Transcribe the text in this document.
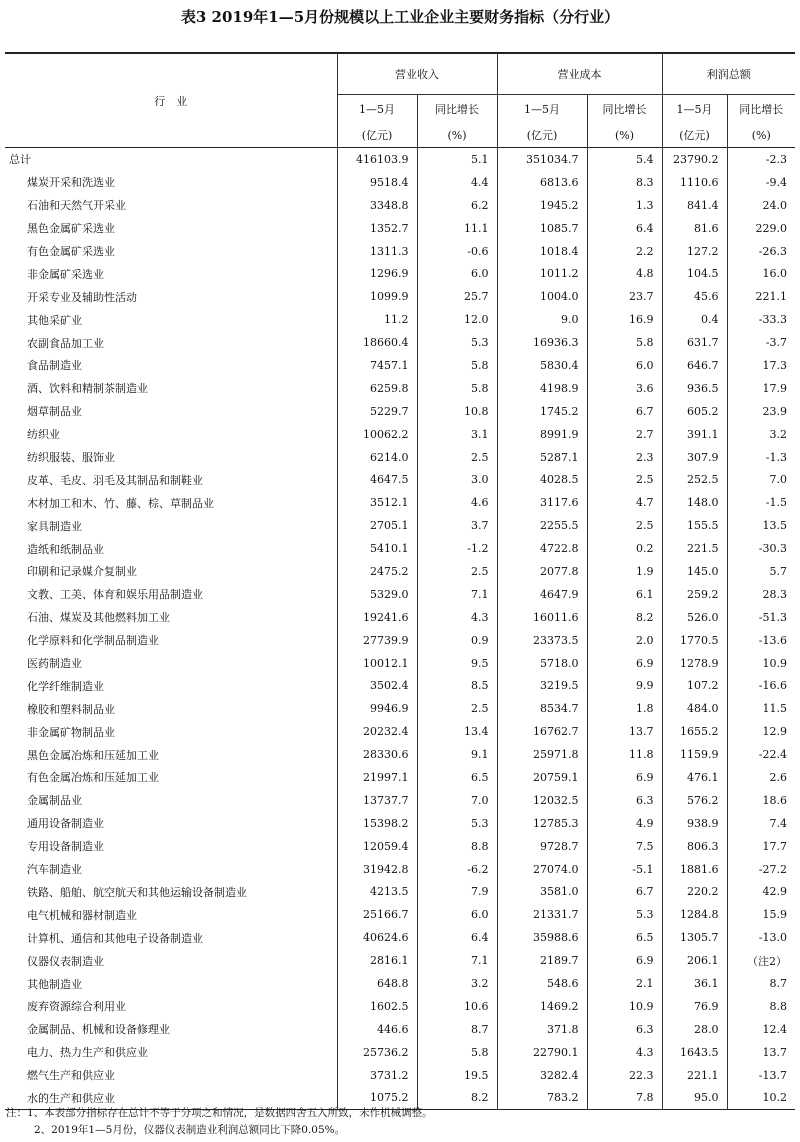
表3 2019年1—5月份规模以上工业企业主要财务指标（分行业）
行　业	营业收入		营业成本		利润总额	
	1—5月	同比增长	1—5月	同比增长	1—5月	同比增长
	(亿元)	(%)	(亿元)	(%)	(亿元)	(%)
总计	416103.9	5.1	351034.7	5.4	23790.2	-2.3
煤炭开采和洗选业	9518.4	4.4	6813.6	8.3	1110.6	-9.4
石油和天然气开采业	3348.8	6.2	1945.2	1.3	841.4	24.0
黑色金属矿采选业	1352.7	11.1	1085.7	6.4	81.6	229.0
有色金属矿采选业	1311.3	-0.6	1018.4	2.2	127.2	-26.3
非金属矿采选业	1296.9	6.0	1011.2	4.8	104.5	16.0
开采专业及辅助性活动	1099.9	25.7	1004.0	23.7	45.6	221.1
其他采矿业	11.2	12.0	9.0	16.9	0.4	-33.3
农副食品加工业	18660.4	5.3	16936.3	5.8	631.7	-3.7
食品制造业	7457.1	5.8	5830.4	6.0	646.7	17.3
酒、饮料和精制茶制造业	6259.8	5.8	4198.9	3.6	936.5	17.9
烟草制品业	5229.7	10.8	1745.2	6.7	605.2	23.9
纺织业	10062.2	3.1	8991.9	2.7	391.1	3.2
纺织服装、服饰业	6214.0	2.5	5287.1	2.3	307.9	-1.3
皮革、毛皮、羽毛及其制品和制鞋业	4647.5	3.0	4028.5	2.5	252.5	7.0
木材加工和木、竹、藤、棕、草制品业	3512.1	4.6	3117.6	4.7	148.0	-1.5
家具制造业	2705.1	3.7	2255.5	2.5	155.5	13.5
造纸和纸制品业	5410.1	-1.2	4722.8	0.2	221.5	-30.3
印刷和记录媒介复制业	2475.2	2.5	2077.8	1.9	145.0	5.7
文教、工美、体育和娱乐用品制造业	5329.0	7.1	4647.9	6.1	259.2	28.3
石油、煤炭及其他燃料加工业	19241.6	4.3	16011.6	8.2	526.0	-51.3
化学原料和化学制品制造业	27739.9	0.9	23373.5	2.0	1770.5	-13.6
医药制造业	10012.1	9.5	5718.0	6.9	1278.9	10.9
化学纤维制造业	3502.4	8.5	3219.5	9.9	107.2	-16.6
橡胶和塑料制品业	9946.9	2.5	8534.7	1.8	484.0	11.5
非金属矿物制品业	20232.4	13.4	16762.7	13.7	1655.2	12.9
黑色金属冶炼和压延加工业	28330.6	9.1	25971.8	11.8	1159.9	-22.4
有色金属冶炼和压延加工业	21997.1	6.5	20759.1	6.9	476.1	2.6
金属制品业	13737.7	7.0	12032.5	6.3	576.2	18.6
通用设备制造业	15398.2	5.3	12785.3	4.9	938.9	7.4
专用设备制造业	12059.4	8.8	9728.7	7.5	806.3	17.7
汽车制造业	31942.8	-6.2	27074.0	-5.1	1881.6	-27.2
铁路、船舶、航空航天和其他运输设备制造业	4213.5	7.9	3581.0	6.7	220.2	42.9
电气机械和器材制造业	25166.7	6.0	21331.7	5.3	1284.8	15.9
计算机、通信和其他电子设备制造业	40624.6	6.4	35988.6	6.5	1305.7	-13.0
仪器仪表制造业	2816.1	7.1	2189.7	6.9	206.1	（注2）
其他制造业	648.8	3.2	548.6	2.1	36.1	8.7
废弃资源综合利用业	1602.5	10.6	1469.2	10.9	76.9	8.8
金属制品、机械和设备修理业	446.6	8.7	371.8	6.3	28.0	12.4
电力、热力生产和供应业	25736.2	5.8	22790.1	4.3	1643.5	13.7
燃气生产和供应业	3731.2	19.5	3282.4	22.3	221.1	-13.7
水的生产和供应业	1075.2	8.2	783.2	7.8	95.0	10.2
注：1、本表部分指标存在总计不等于分项之和情况，是数据四舍五入所致，未作机械调整。
2、2019年1—5月份，仪器仪表制造业利润总额同比下降0.05%。
